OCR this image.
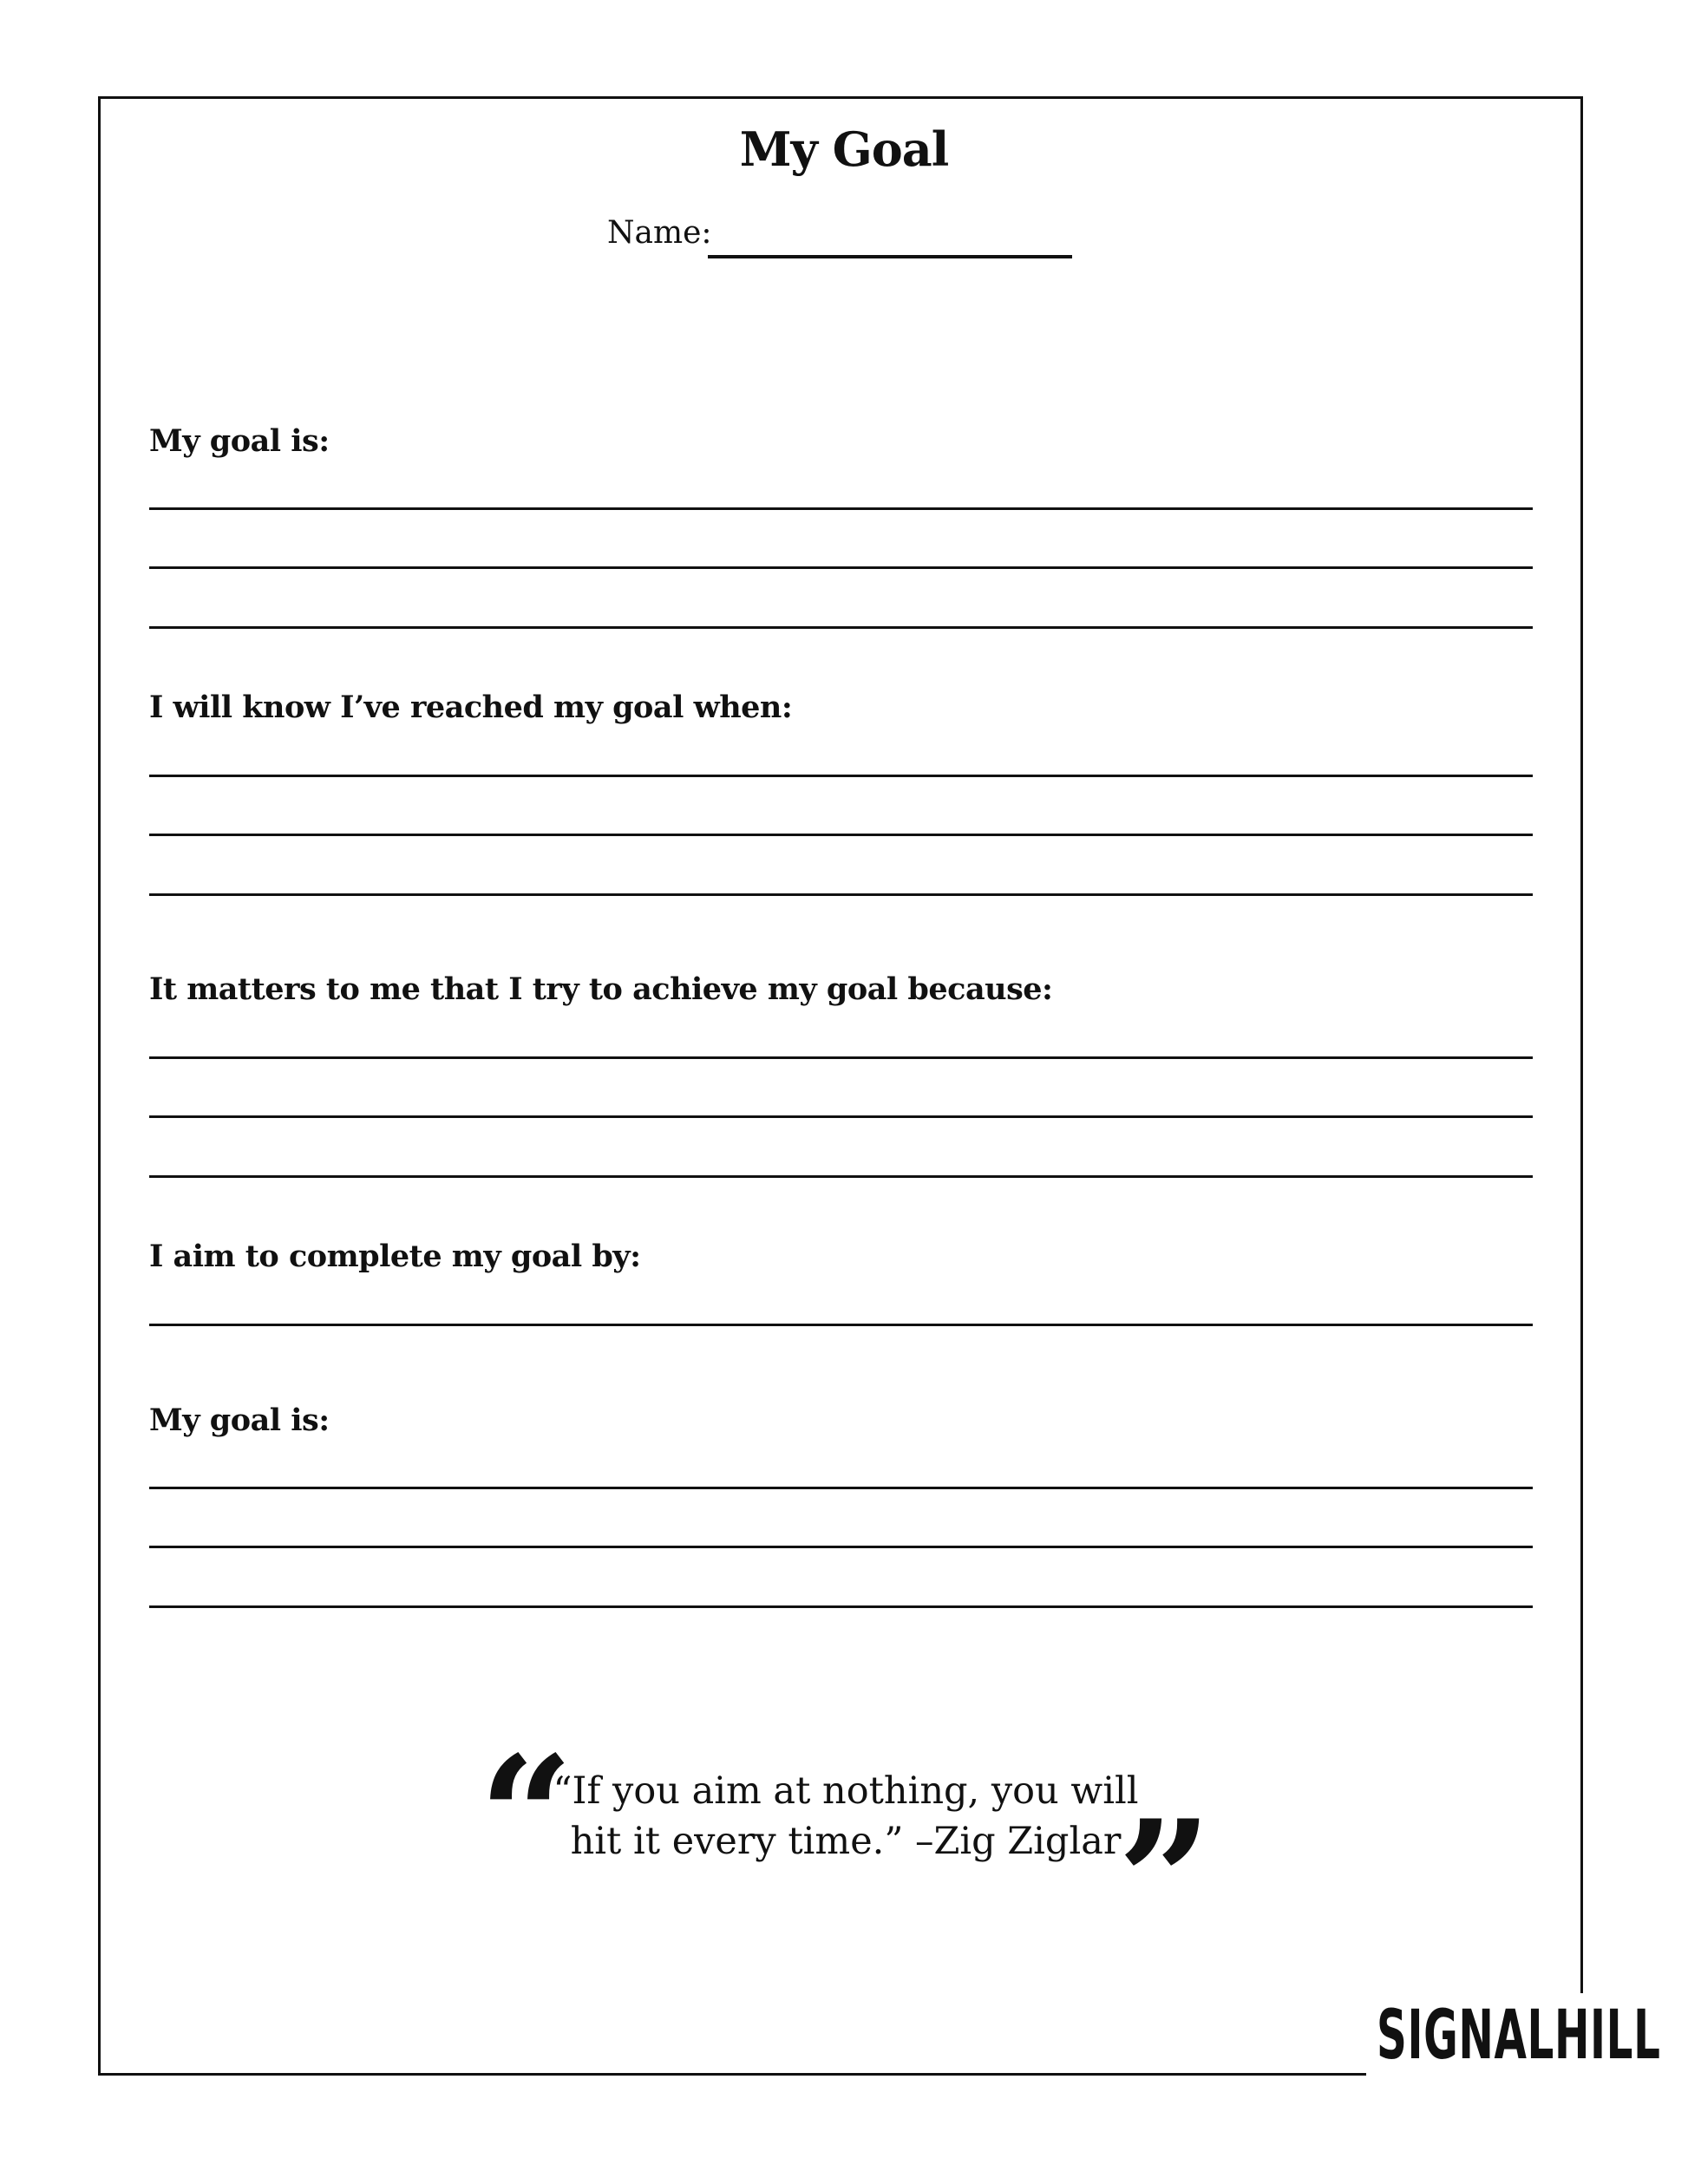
My Goal
Name:
My goal is:
I will know I’ve reached my goal when:
It matters to me that I try to achieve my goal because:
I aim to complete my goal by:
My goal is:
“
“If you aim at nothing, you will
hit it every time.” –Zig Ziglar
”
SIGNALHILL
